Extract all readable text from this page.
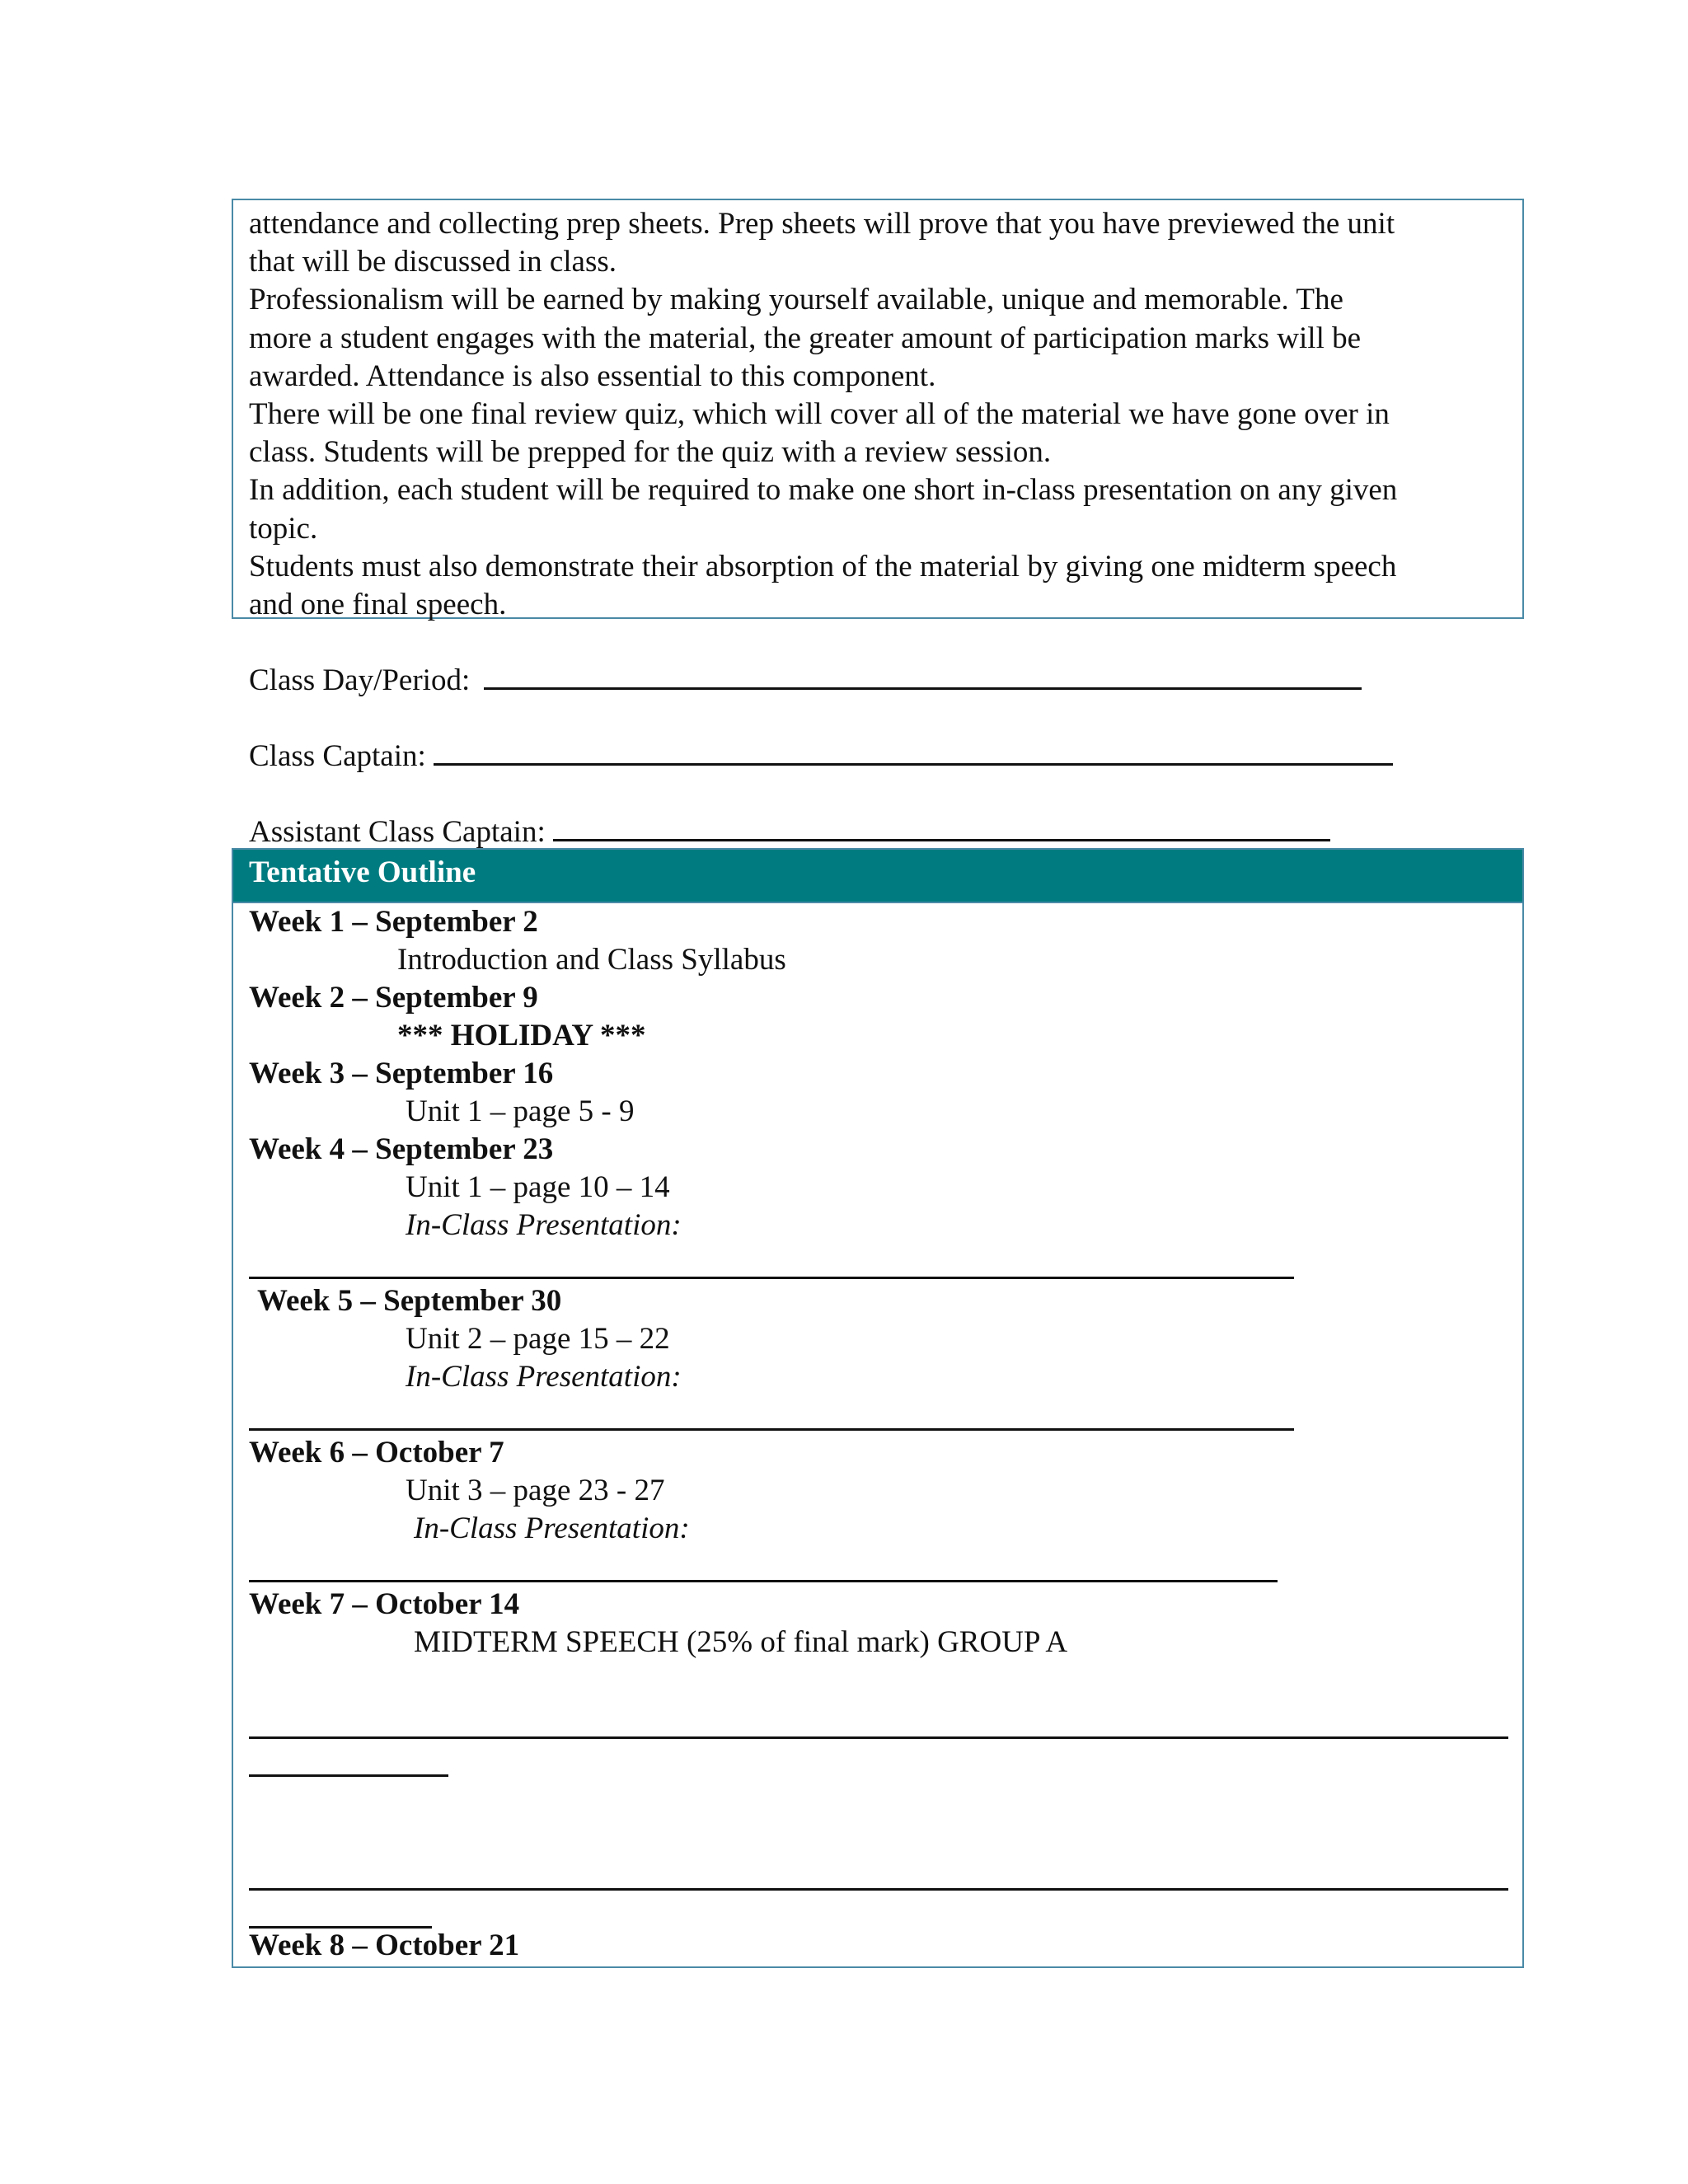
attendance and collecting prep sheets. Prep sheets will prove that you have previewed the unit

that will be discussed in class.

Professionalism will be earned by making yourself available, unique and memorable. The

more a student engages with the material, the greater amount of participation marks will be

awarded. Attendance is also essential to this component.

There will be one final review quiz, which will cover all of the material we have gone over in

class. Students will be prepped for the quiz with a review session.

In addition, each student will be required to make one short in-class presentation on any given

topic.

Students must also demonstrate their absorption of the material by giving one midterm speech

and one final speech.

Class Day/Period:
Class Captain:
Assistant Class Captain:
Tentative Outline
Week 1 – September 2
Introduction and Class Syllabus
Week 2 – September 9
*** HOLIDAY ***
Week 3 – September 16
Unit 1 – page 5 - 9
Week 4 – September 23
Unit 1 – page 10 – 14
In-Class Presentation:
Week 5 – September 30
Unit 2 – page 15 – 22
In-Class Presentation:
Week 6 – October 7
Unit 3 – page 23 - 27
In-Class Presentation:
Week 7 – October 14
MIDTERM SPEECH (25% of final mark) GROUP A
Week 8 – October 21
